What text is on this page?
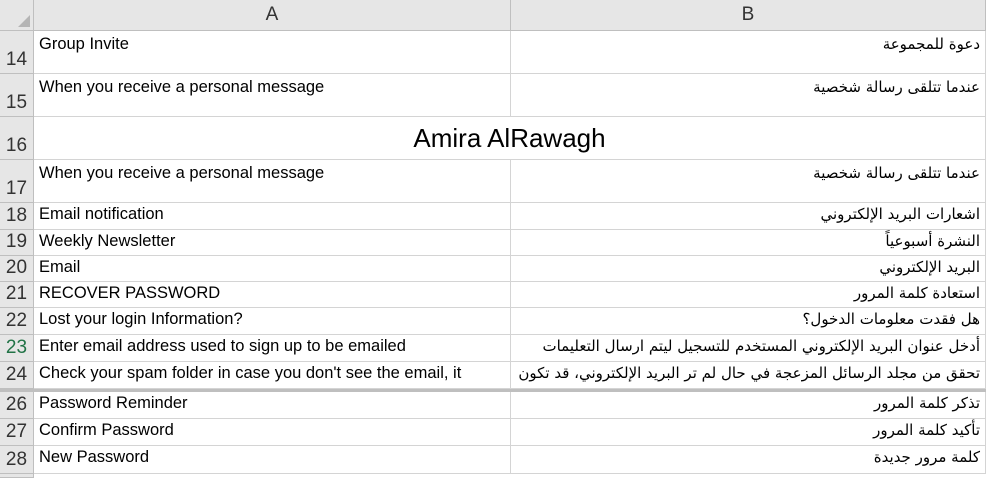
A	B
14
Group Invite	دعوة للمجموعة
15
When you receive a personal message	عندما تتلقى رسالة شخصية
16	Amira AlRawagh
17
When you receive a personal message	عندما تتلقى رسالة شخصية
18 Email notification	اشعارات البريد الإلكتروني
19 Weekly Newsletter	النشرة أسبوعياً
20 Email	البريد الإلكتروني
21 RECOVER PASSWORD	استعادة كلمة المرور
22 Lost your login Information?	هل فقدت معلومات الدخول؟
23 Enter email address used to sign up to be emailed	أدخل عنوان البريد الإلكتروني المستخدم للتسجيل ليتم ارسال التعليمات
24 Check your spam folder in case you don't see the email, it	تحقق من مجلد الرسائل المزعجة في حال لم تر البريد الإلكتروني، قد تكون
26 Password Reminder	تذكر كلمة المرور
27 Confirm Password	تأكيد كلمة المرور
28 New Password	كلمة مرور جديدة
